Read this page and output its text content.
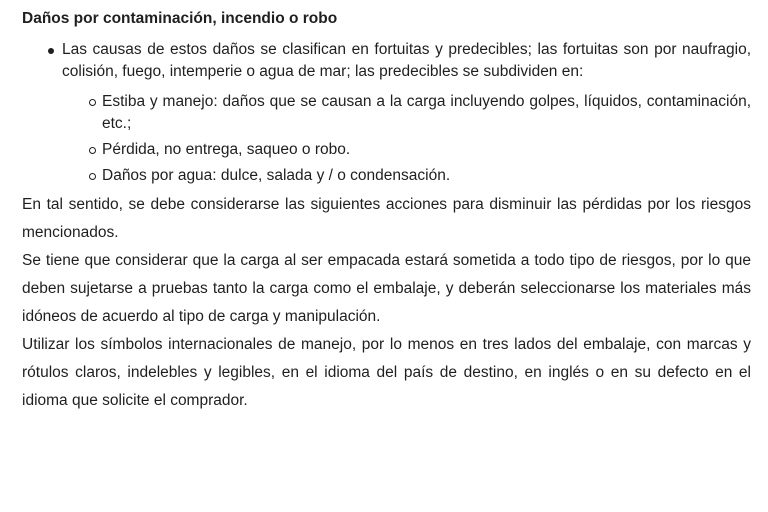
Daños por contaminación, incendio o robo
Las causas de estos daños se clasifican en fortuitas y predecibles; las fortuitas son por naufragio, colisión, fuego, intemperie o agua de mar; las predecibles se subdividen en:
Estiba y manejo: daños que se causan a la carga incluyendo golpes, líquidos, contaminación, etc.;
Pérdida, no entrega, saqueo o robo.
Daños por agua: dulce, salada y / o condensación.

En tal sentido, se debe considerarse las siguientes acciones para disminuir las pérdidas por los riesgos mencionados.

Se tiene que considerar que la carga al ser empacada estará sometida a todo tipo de riesgos, por lo que deben sujetarse a pruebas tanto la carga como el embalaje, y deberán seleccionarse los materiales más idóneos de acuerdo al tipo de carga y manipulación.

Utilizar los símbolos internacionales de manejo, por lo menos en tres lados del embalaje, con marcas y rótulos claros, indelebles y legibles, en el idioma del país de destino, en inglés o en su defecto en el idioma que solicite el comprador.
